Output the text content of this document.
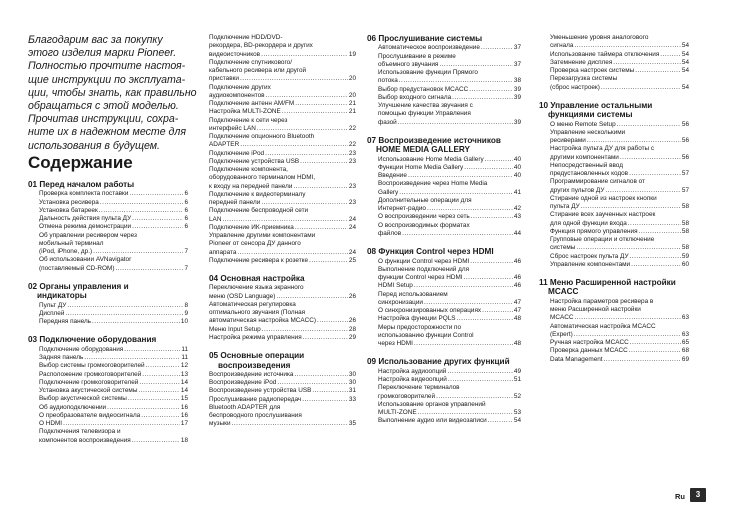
Благодарим вас за покупку
этого изделия марки Pioneer.
Полностью прочтите настоя-
щие инструкции по эксплуата-
ции, чтобы знать, как правильно
обращаться с этой моделью.
Прочитав инструкции, сохра-
ните их в надежном месте для
использования в будущем.
Содержание
01 Перед началом работы
Проверка комплекта поставки .....	6
Установка ресивера .....	6
Установка батареек .....	6
Дальность действия пульта ДУ .....	6
Отмена режима демонстрации .....	6
Об управлении ресивером через
мобильный терминал
(iPod, iPhone, др.) .....	7
Об использовании AVNavigator
(поставляемый CD-ROM) .....	7
02 Органы управления и

индикаторы
Пульт ДУ .....	8
Дисплей .....	9
Передняя панель .....	10
03 Подключение оборудования
Подключение оборудования .....	11
Задняя панель .....	11
Выбор системы громкоговорителей .....	12
Расположение громкоговорителей .....	13
Подключение громкоговорителей .....	14
Установка акустической системы .....	14
Выбор акустической системы .....	15
Об аудиоподключении .....	16
О преобразователе видеосигнала .....	16
О HDMI .....	17
Подключения телевизора и
компонентов воспроизведения .....	18
Подключение HDD/DVD-
рекордера, BD-рекордера и других
видеоисточников .....	19
Подключение спутникового/
кабельного ресивера или другой
приставки .....	20
Подключение других
аудиокомпонентов .....	20
Подключение антенн AM/FM .....	21
Настройка MULTI-ZONE .....	21
Подключение к сети через
интерфейс LAN .....	22
Подключение опционного Bluetooth
ADAPTER .....	22
Подключение iPod .....	23
Подключение устройства USB .....	23
Подключение компонента,
оборудованного терминалом HDMI,
к входу на передней панели .....	23
Подключение к видеотерминалу
передней панели .....	23
Подключение беспроводной сети
LAN .....	24
Подключение ИК-приемника .....	24
Управление другими компонентами
Pioneer от сенсора ДУ данного
аппарата .....	24
Подключение ресивера к розетке .....	25
04 Основная настройка
Переключение языка экранного
меню (OSD Language) .....	26
Автоматическая регулировка
оптимального звучания (Полная
автоматическая настройка MCACC) .....	26
Меню Input Setup .....	28
Настройка режима управления .....	29
05 Основные операции

воспроизведения
Воспроизведение источника .....	30
Воспроизведение iPod .....	30
Воспроизведение устройства USB .....	31
Прослушивание радиопередач .....	33
Bluetooth ADAPTER для
беспроводного прослушивания
музыки .....	35
06 Прослушивание системы
Автоматическое воспроизведение .....	37
Прослушивание в режиме
объемного звучания .....	37
Использование функции Прямого
потока .....	38
Выбор предустановок MCACC .....	39
Выбор входного сигнала .....	39
Улучшение качества звучания с
помощью функции Управления
фазой .....	39
07 Воспроизведение источников

HOME MEDIA GALLERY
Использование Home Media Gallery .....	40
Функции Home Media Gallery .....	40
Введение .....	40
Воспроизведение через Home Media
Gallery .....	41
Дополнительные операции для
Интернет-радио .....	42
О воспроизведении через сеть .....	43
О воспроизводимых форматах
файлов .....	44
08 Функция Control через HDMI
О функции Control через HDMI .....	46
Выполнение подключений для
функции Control через HDMI .....	46
HDMI Setup .....	46
Перед использованием
синхронизации .....	47
О синхронизированных операциях .....	47
Настройка функции PQLS .....	48
Меры предосторожности по
использованию функции Control
через HDMI .....	48
09 Использование других функций
Настройка аудиоопций .....	49
Настройка видеоопций .....	51
Переключение терминалов
громкоговорителей .....	52
Использование органов управлений
MULTI-ZONE .....	53
Выполнение аудио или видеозаписи .....	54
Уменьшение уровня аналогового
сигнала .....	54
Использование таймера отключения .....	54
Затемнение дисплея .....	54
Проверка настроек системы .....	54
Перезагрузка системы
(сброс настроек) .....	54
10 Управление остальными

функциями системы
О меню Remote Setup .....	56
Управление несколькими
ресиверами .....	56
Настройка пульта ДУ для работы с
другими компонентами .....	56
Непосредственный ввод
предустановленных кодов .....	57
Программирование сигналов от
других пультов ДУ .....	57
Стирание одной из настроек кнопки
пульта ДУ .....	58
Стирание всех заученных настроек
для одной функции входа .....	58
Функция прямого управления .....	58
Групповые операции и отключение
системы .....	58
Сброс настроек пульта ДУ .....	59
Управление компонентами .....	60
11 Меню Расширенной настройки

MCACC
Настройка параметров ресивера в
меню Расширенной настройки
MCACC .....	63
Автоматическая настройка MCACC
(Expert) .....	63
Ручная настройка MCACC .....	65
Проверка данных MCACC .....	68
Data Management .....	69
Ru	3
